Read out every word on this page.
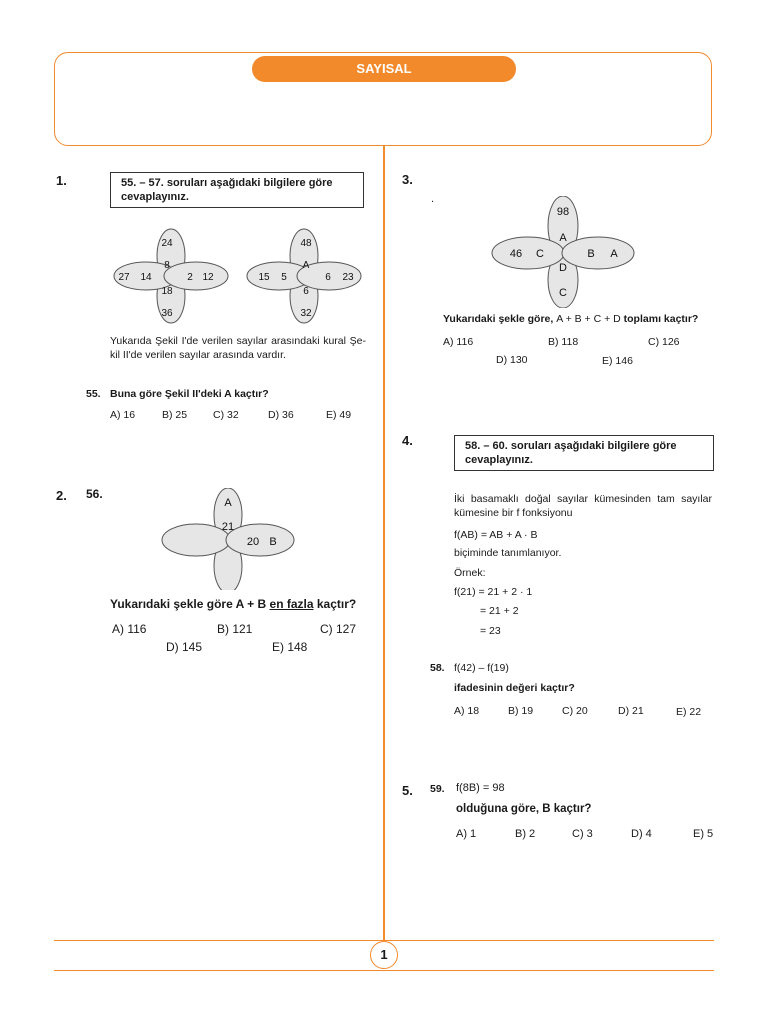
SAYISAL
1.	55. – 57. soruları aşağıdaki bilgilere göre cevaplayınız.
24
8
27 14	2 12
18
36
48
A
15 5	6 23
6
32
Yukarıda Şekil I'de verilen sayılar arasındaki kural Şe-kil II'de verilen sayılar arasında vardır.
55. Buna göre Şekil II'deki A kaçtır?
A) 16	B) 25 C) 32	D) 36	E) 49
2. 56.
A
21
20 B
Yukarıdaki şekle göre A + B en fazla kaçtır?
A) 116	B) 121	C) 127
D) 145	E) 148
3.
.
98
A
46 C	B A
D
C
Yukarıdaki şekle göre, A + B + C + D toplamı kaçtır?
A) 116	B) 118	C) 126
D) 130	E) 146
4.	58. – 60. soruları aşağıdaki bilgilere göre cevaplayınız.
İki basamaklı doğal sayılar kümesinden tam sayılar kümesine bir f fonksiyonu
f(AB) = AB + A · B
biçiminde tanımlanıyor.
Örnek:
f(21) = 21 + 2 · 1
= 21 + 2
= 23
58. f(42) – f(19)
ifadesinin değeri kaçtır?
A) 18	B) 19	C) 20	D) 21	E) 22
5. 59. f(8B) = 98
olduğuna göre, B kaçtır?
A) 1	B) 2	C) 3	D) 4	E) 5
1
